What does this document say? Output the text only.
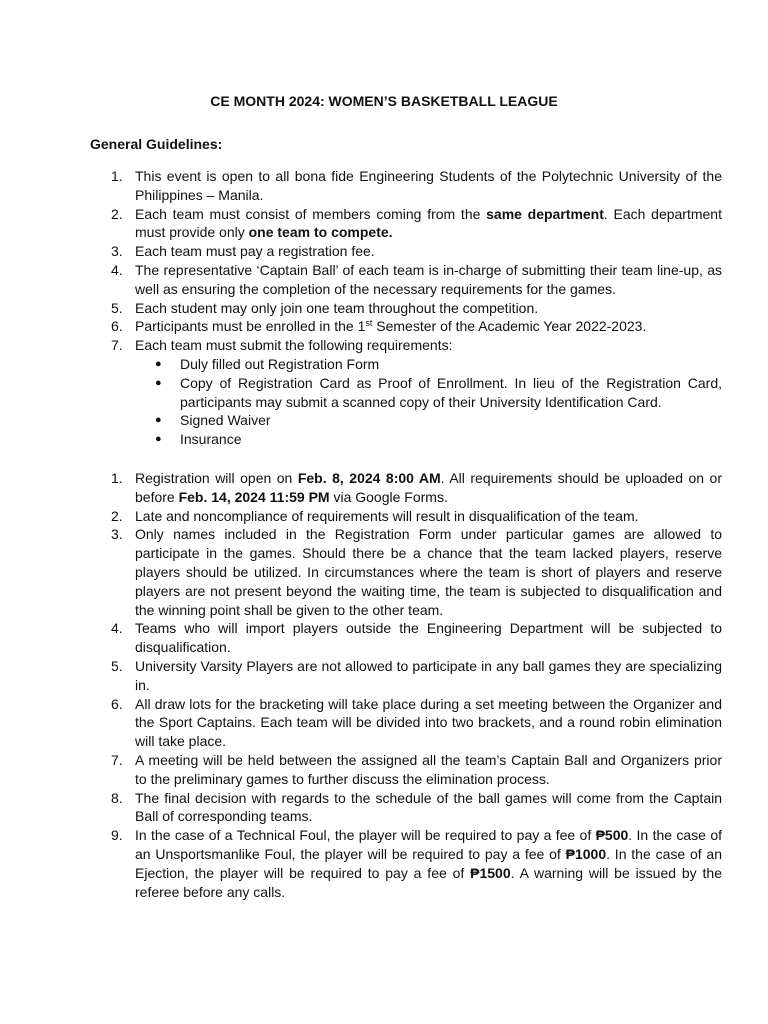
CE MONTH 2024: WOMEN’S BASKETBALL LEAGUE
General Guidelines:
1. This event is open to all bona fide Engineering Students of the Polytechnic University of the Philippines – Manila.
2. Each team must consist of members coming from the same department. Each department must provide only one team to compete.
3. Each team must pay a registration fee.
4. The representative ‘Captain Ball’ of each team is in-charge of submitting their team line-up, as well as ensuring the completion of the necessary requirements for the games.
5. Each student may only join one team throughout the competition.
6. Participants must be enrolled in the 1st Semester of the Academic Year 2022-2023.
7. Each team must submit the following requirements:
● Duly filled out Registration Form
● Copy of Registration Card as Proof of Enrollment. In lieu of the Registration Card, participants may submit a scanned copy of their University Identification Card.
● Signed Waiver
● Insurance
1. Registration will open on Feb. 8, 2024 8:00 AM. All requirements should be uploaded on or before Feb. 14, 2024 11:59 PM via Google Forms.
2. Late and noncompliance of requirements will result in disqualification of the team.
3. Only names included in the Registration Form under particular games are allowed to participate in the games. Should there be a chance that the team lacked players, reserve players should be utilized. In circumstances where the team is short of players and reserve players are not present beyond the waiting time, the team is subjected to disqualification and the winning point shall be given to the other team.
4. Teams who will import players outside the Engineering Department will be subjected to disqualification.
5. University Varsity Players are not allowed to participate in any ball games they are specializing in.
6. All draw lots for the bracketing will take place during a set meeting between the Organizer and the Sport Captains. Each team will be divided into two brackets, and a round robin elimination will take place.
7. A meeting will be held between the assigned all the team’s Captain Ball and Organizers prior to the preliminary games to further discuss the elimination process.
8. The final decision with regards to the schedule of the ball games will come from the Captain Ball of corresponding teams.
9. In the case of a Technical Foul, the player will be required to pay a fee of ₱500. In the case of an Unsportsmanlike Foul, the player will be required to pay a fee of ₱1000. In the case of an Ejection, the player will be required to pay a fee of ₱1500. A warning will be issued by the referee before any calls.
